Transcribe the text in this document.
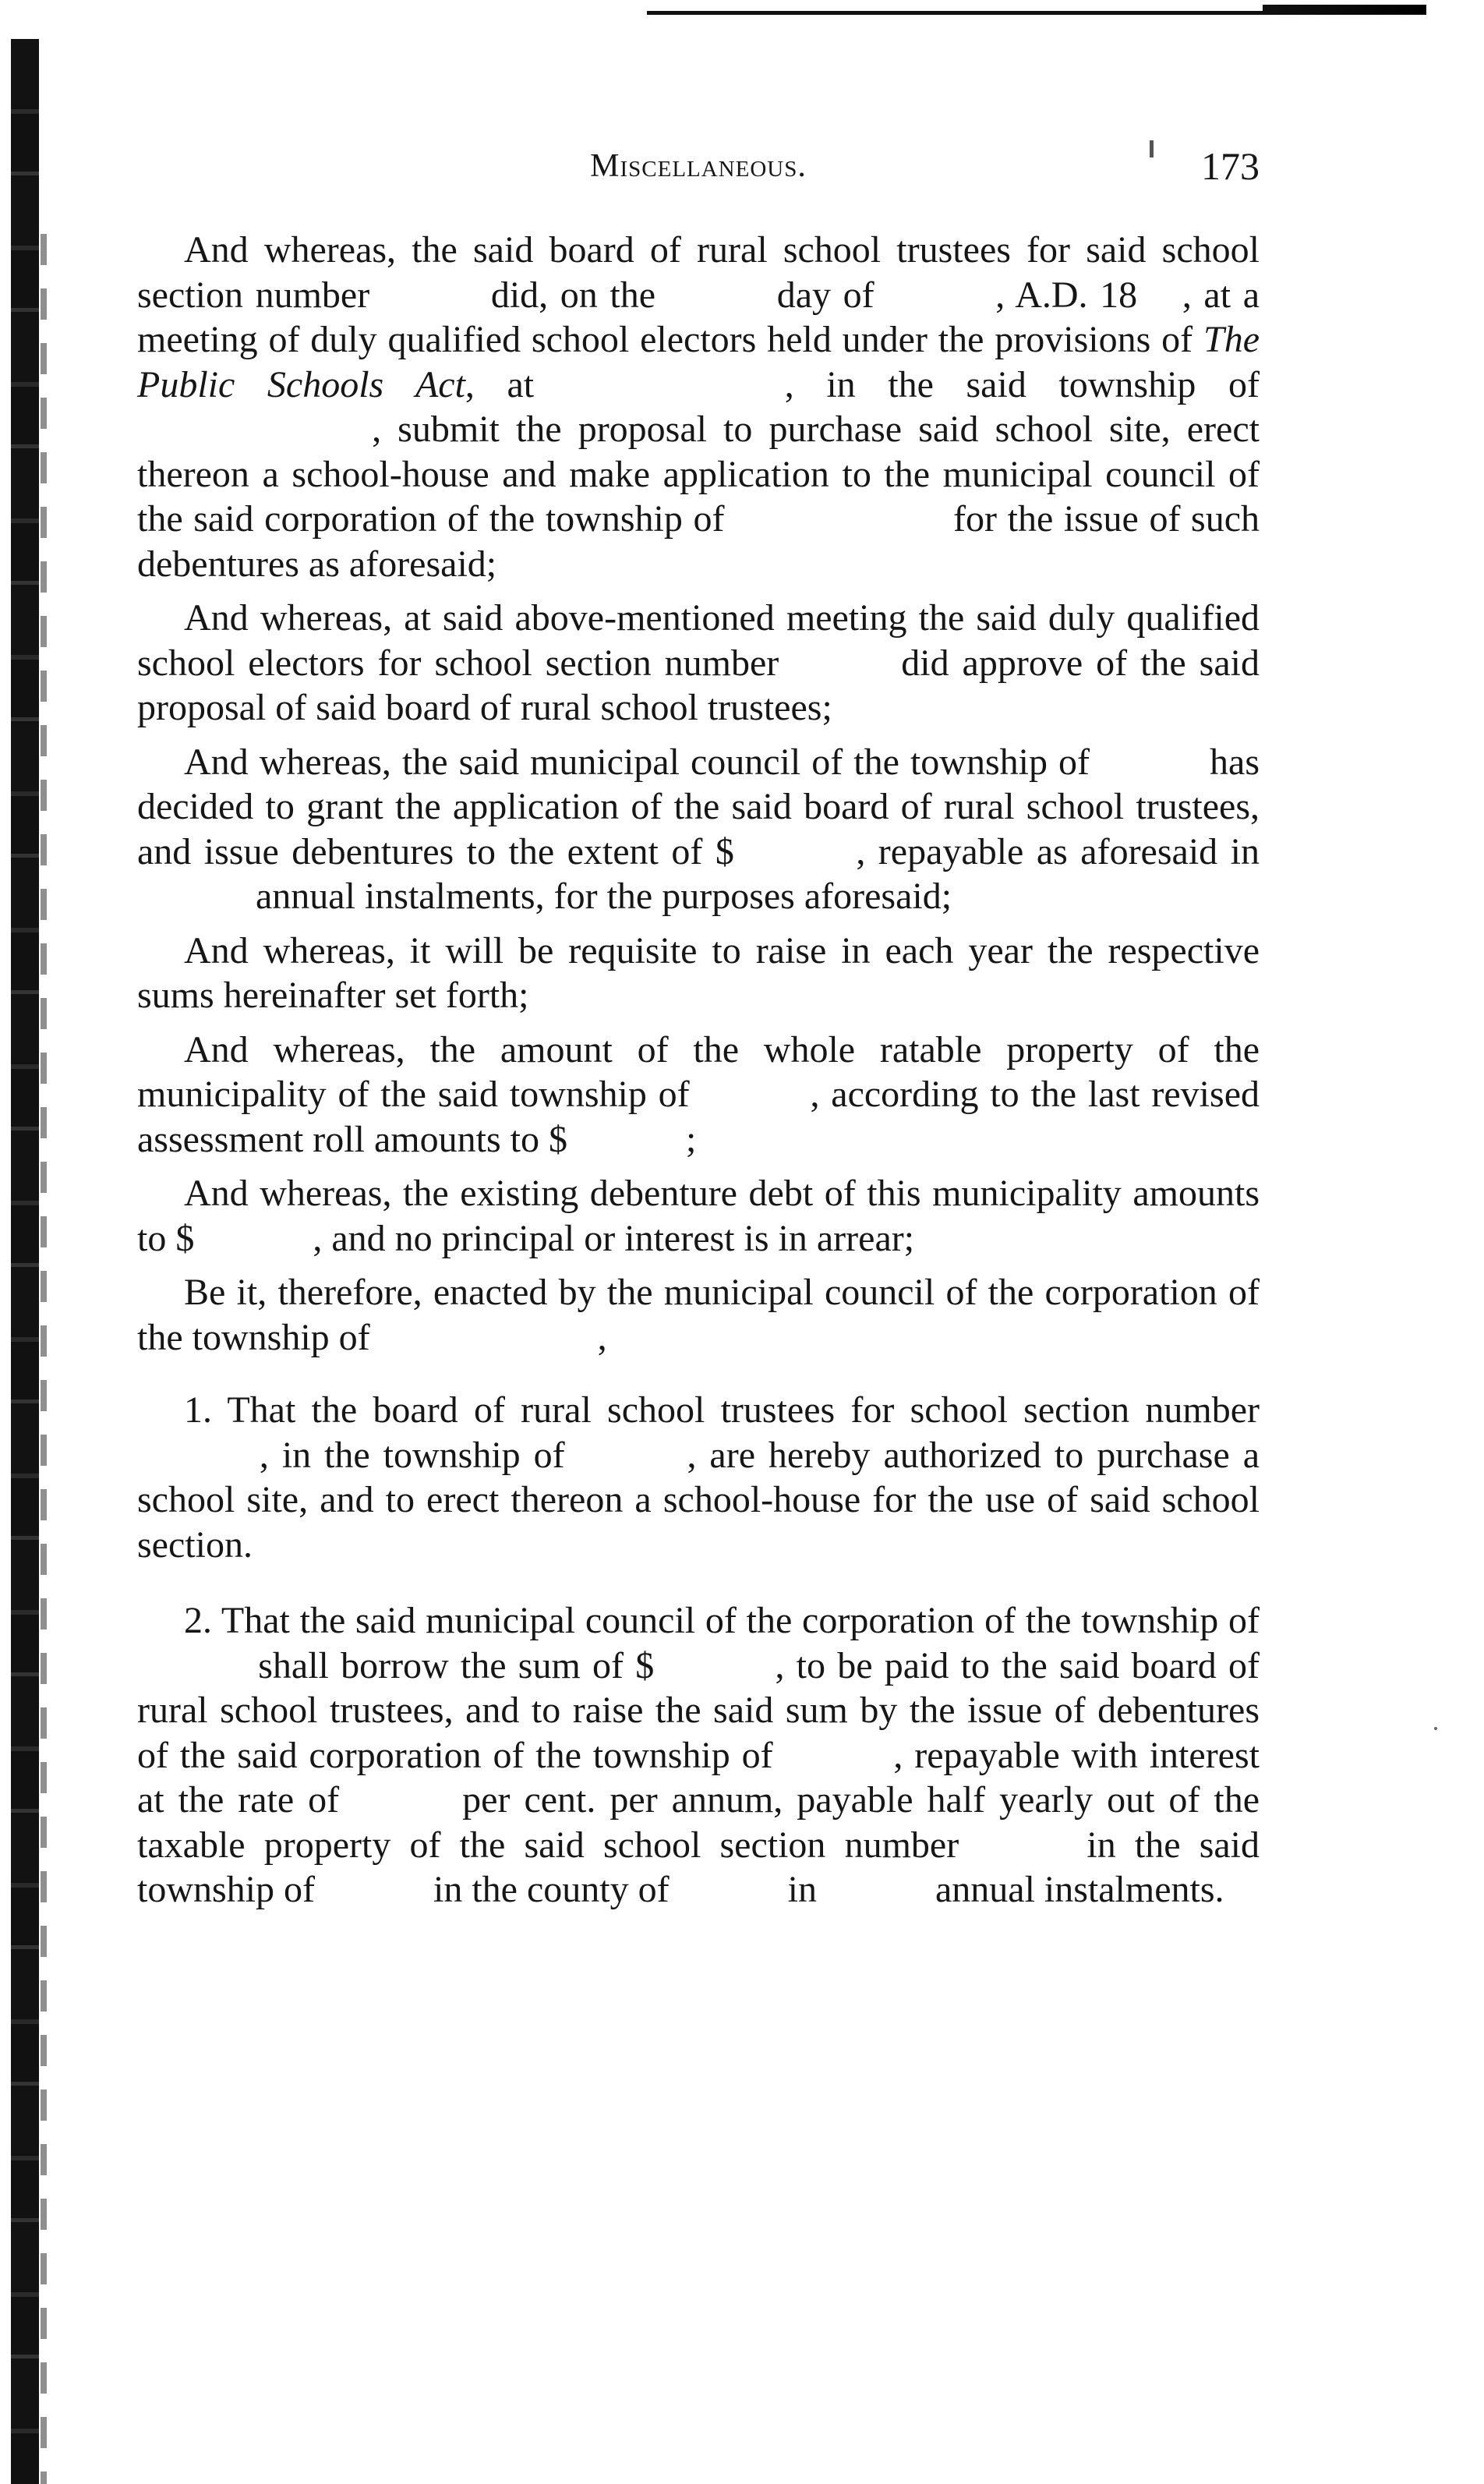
Miscellaneous.	173

And whereas, the said board of rural school trustees for said school section number	did, on the	day of	, A.D. 18 , at a meeting of duly qualified school electors held under the provisions of The Public Schools Act, at	, in the said township of , submit the proposal to purchase said school site, erect thereon a school-house and make application to the municipal council of the said corporation of the township of	for the issue of such debentures as aforesaid;

And whereas, at said above-mentioned meeting the said duly qualified school electors for school section number	did approve of the said proposal of said board of rural school trustees;

And whereas, the said municipal council of the township of	has decided to grant the application of the said board of rural school trustees, and issue debentures to the extent of $	, repayable as aforesaid in annual instalments, for the purposes aforesaid;

And whereas, it will be requisite to raise in each year the respective sums hereinafter set forth;

And whereas, the amount of the whole ratable property of the municipality of the said township of	, according to the last revised assessment roll amounts to $	;

And whereas, the existing debenture debt of this municipality amounts to $	, and no principal or interest is in arrear;

Be it, therefore, enacted by the municipal council of the corporation of the township of	,

1. That the board of rural school trustees for school section number , in the township of	, are hereby authorized to purchase a school site, and to erect thereon a school-house for the use of said school section.

2. That the said municipal council of the corporation of the township of shall borrow the sum of $	, to be paid to the said board of rural school trustees, and to raise the said sum by the issue of debentures of the said corporation of the township of	, repayable with interest at the rate of	per cent. per annum, payable half yearly out of the taxable property of the said school section number	in the said township of	in the county of	in	annual instalments.
